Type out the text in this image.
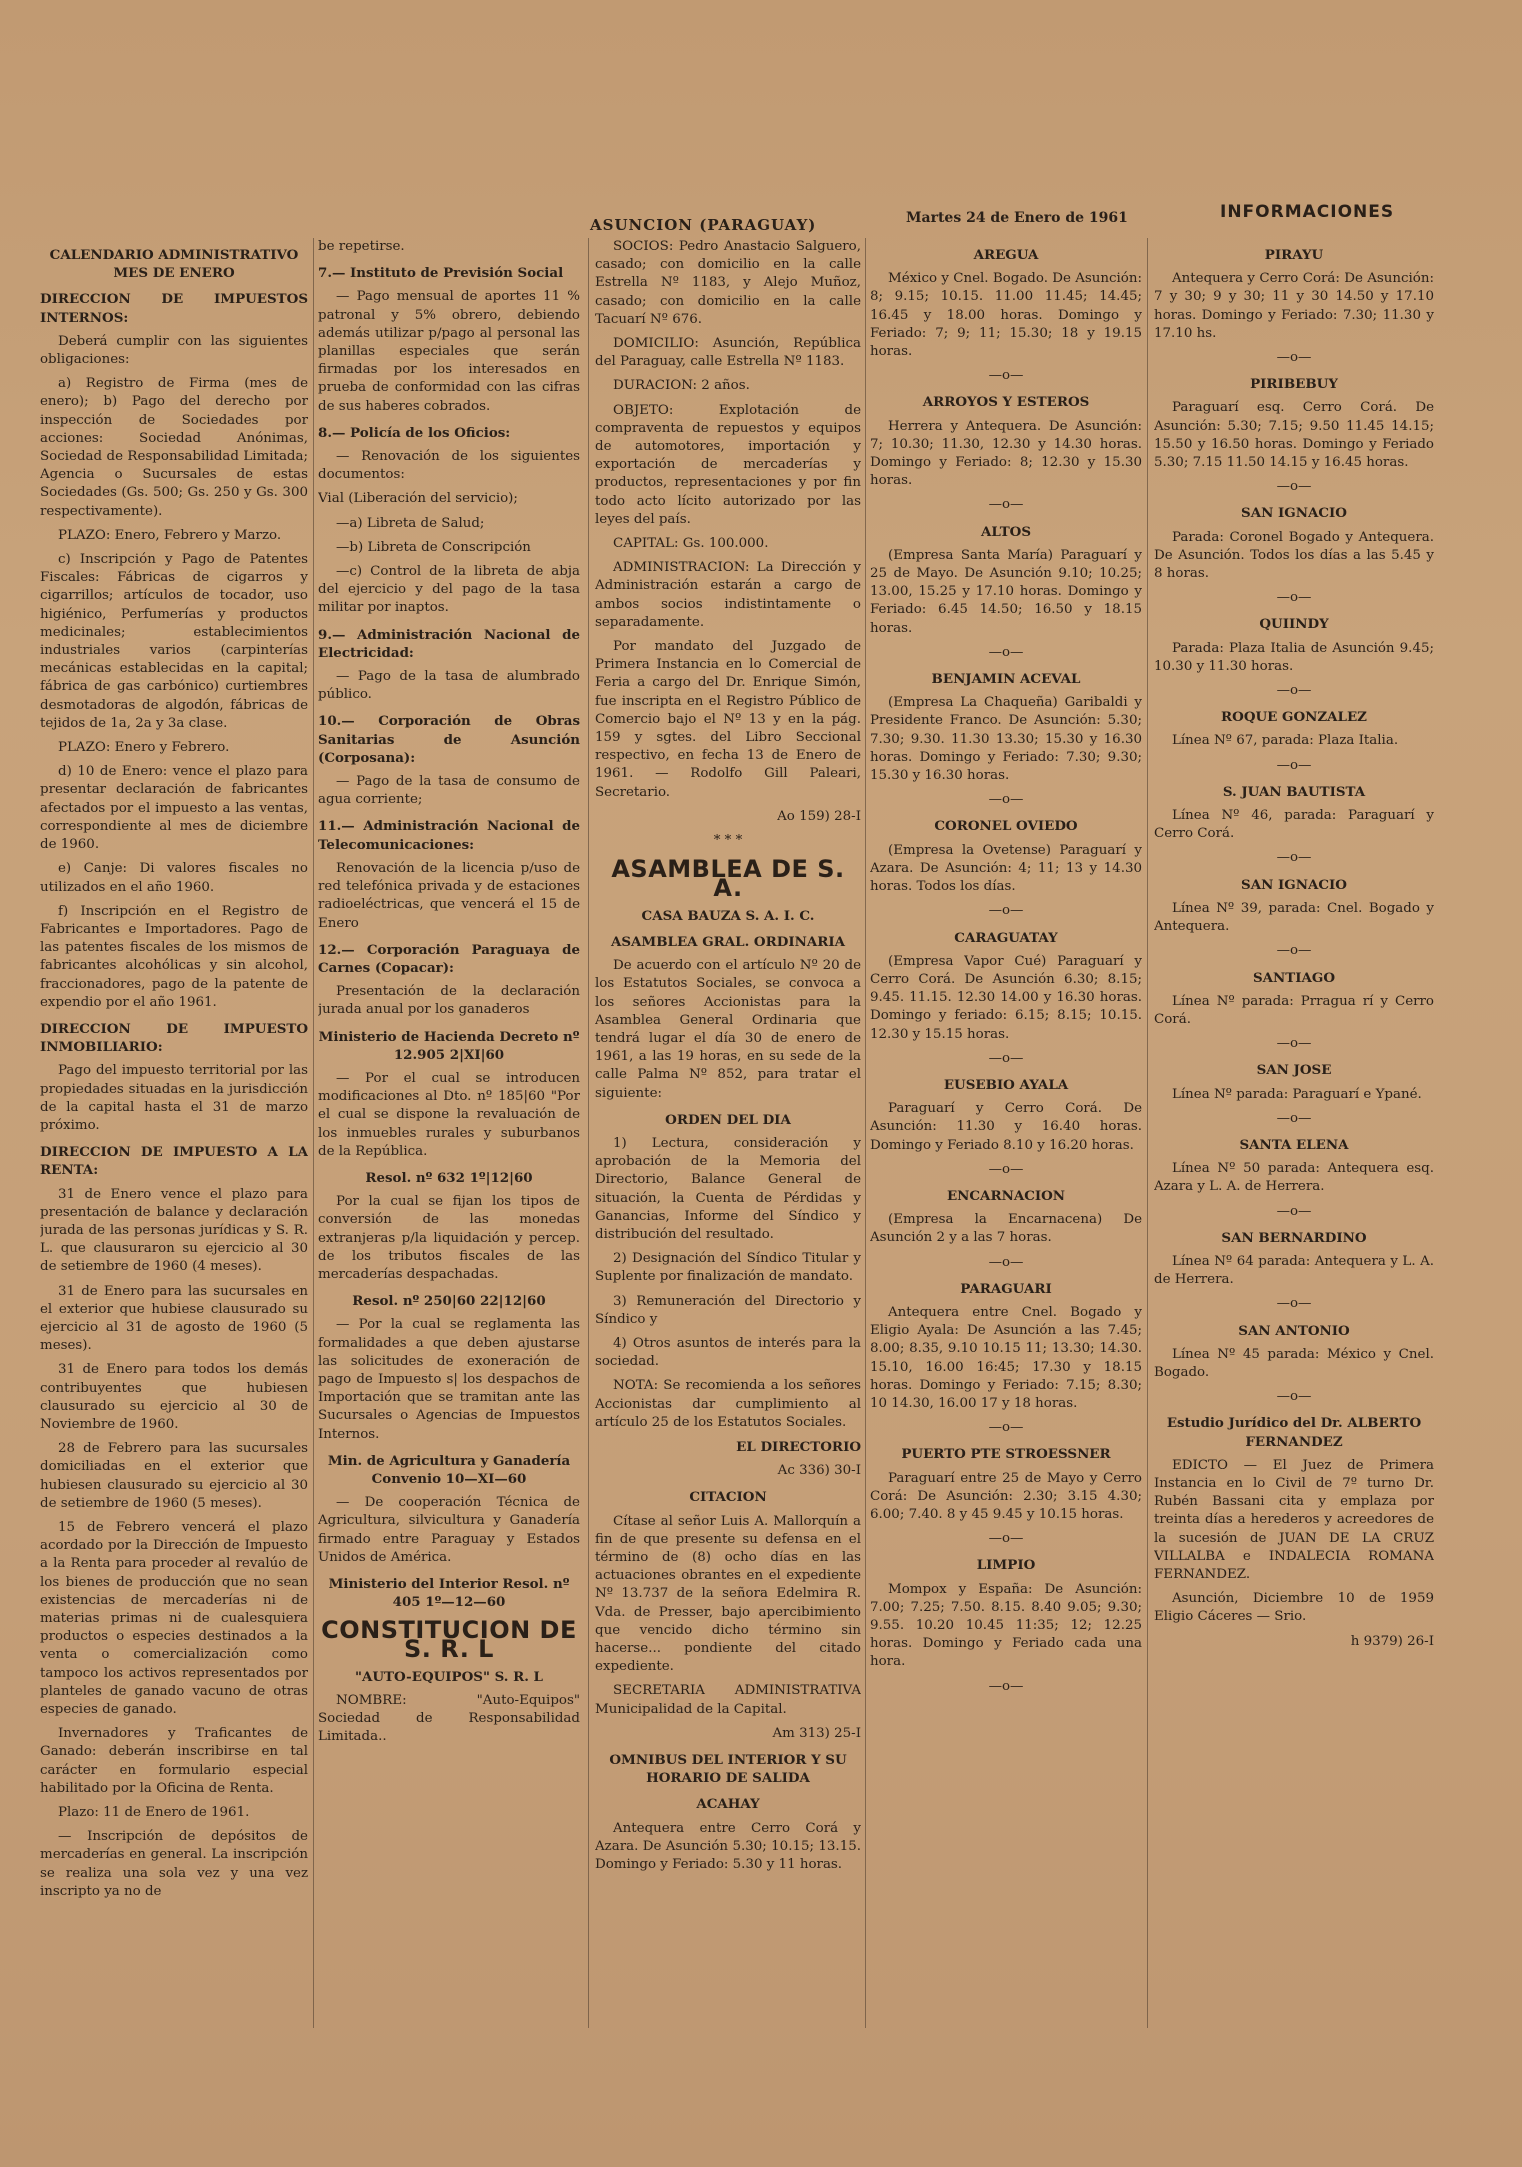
ASUNCION (PARAGUAY)	Martes 24 de Enero de 1961	INFORMACIONES

CALENDARIO ADMINISTRATIVO MES DE ENERO

DIRECCION DE IMPUESTOS INTERNOS:

Deberá cumplir con las siguientes obligaciones:

a) Registro de Firma (mes de enero); b) Pago del derecho por inspección de Sociedades por acciones: Sociedad Anónimas, Sociedad de Responsabilidad Limitada; Agencia o Sucursales de estas Sociedades (Gs. 500; Gs. 250 y Gs. 300 respectivamente).

PLAZO: Enero, Febrero y Marzo.

c) Inscripción y Pago de Patentes Fiscales: Fábricas de cigarros y cigarrillos; artículos de tocador, uso higiénico, Perfumerías y productos medicinales; establecimientos industriales varios (carpinterías mecánicas establecidas en la capital; fábrica de gas carbónico) curtiembres desmotadoras de algodón, fábricas de tejidos de 1a, 2a y 3a clase.

PLAZO: Enero y Febrero.

d) 10 de Enero: vence el plazo para presentar declaración de fabricantes afectados por el impuesto a las ventas, correspondiente al mes de diciembre de 1960.

e) Canje: Di valores fiscales no utilizados en el año 1960.

f) Inscripción en el Registro de Fabricantes e Importadores. Pago de las patentes fiscales de los mismos de fabricantes alcohólicas y sin alcohol, fraccionadores, pago de la patente de expendio por el año 1961.

DIRECCION DE IMPUESTO INMOBILIARIO:

Pago del impuesto territorial por las propiedades situadas en la jurisdicción de la capital hasta el 31 de marzo próximo.

DIRECCION DE IMPUESTO A LA RENTA:

31 de Enero vence el plazo para presentación de balance y declaración jurada de las personas jurídicas y S. R. L. que clausuraron su ejercicio al 30 de setiembre de 1960 (4 meses).

31 de Enero para las sucursales en el exterior que hubiese clausurado su ejercicio al 31 de agosto de 1960 (5 meses).

31 de Enero para todos los demás contribuyentes que hubiesen clausurado su ejercicio al 30 de Noviembre de 1960.

28 de Febrero para las sucursales domiciliadas en el exterior que hubiesen clausurado su ejercicio al 30 de setiembre de 1960 (5 meses).

15 de Febrero vencerá el plazo acordado por la Dirección de Impuesto a la Renta para proceder al revalúo de los bienes de producción que no sean existencias de mercaderías ni de materias primas ni de cualesquiera productos o especies destinados a la venta o comercialización como tampoco los activos representados por planteles de ganado vacuno de otras especies de ganado.

Invernadores y Traficantes de Ganado: deberán inscribirse en tal carácter en formulario especial habilitado por la Oficina de Renta.

Plazo: 11 de Enero de 1961.

— Inscripción de depósitos de mercaderías en general. La inscripción se realiza una sola vez y una vez inscripto ya no de

be repetirse.

7.— Instituto de Previsión Social

— Pago mensual de aportes 11 % patronal y 5% obrero, debiendo además utilizar p/pago al personal las planillas especiales que serán firmadas por los interesados en prueba de conformidad con las cifras de sus haberes cobrados.

8.— Policía de los Oficios:

— Renovación de los siguientes documentos:

Vial (Liberación del servicio);

—a) Libreta de Salud;

—b) Libreta de Conscripción

—c) Control de la libreta de abja del ejercicio y del pago de la tasa militar por inaptos.

9.— Administración Nacional de Electricidad:

— Pago de la tasa de alumbrado público.

10.— Corporación de Obras Sanitarias de Asunción (Corposana):

— Pago de la tasa de consumo de agua corriente;

11.— Administración Nacional de Telecomunicaciones:

Renovación de la licencia p/uso de red telefónica privada y de estaciones radioeléctricas, que vencerá el 15 de Enero

12.— Corporación Paraguaya de Carnes (Copacar):

Presentación de la declaración jurada anual por los ganaderos

Ministerio de Hacienda Decreto nº 12.905 2|XI|60

— Por el cual se introducen modificaciones al Dto. nº 185|60 "Por el cual se dispone la revaluación de los inmuebles rurales y suburbanos de la República.

Resol. nº 632 1º|12|60

Por la cual se fijan los tipos de conversión de las monedas extranjeras p/la liquidación y percep. de los tributos fiscales de las mercaderías despachadas.

Resol. nº 250|60 22|12|60

— Por la cual se reglamenta las formalidades a que deben ajustarse las solicitudes de exoneración de pago de Impuesto s| los despachos de Importación que se tramitan ante las Sucursales o Agencias de Impuestos Internos.

Min. de Agricultura y Ganadería Convenio 10—XI—60

— De cooperación Técnica de Agricultura, silvicultura y Ganadería firmado entre Paraguay y Estados Unidos de América.

Ministerio del Interior Resol. nº 405 1º—12—60

CONSTITUCION DE S. R. L

"AUTO-EQUIPOS" S. R. L

NOMBRE: "Auto-Equipos" Sociedad de Responsabilidad Limitada..

SOCIOS: Pedro Anastacio Salguero, casado; con domicilio en la calle Estrella Nº 1183, y Alejo Muñoz, casado; con domicilio en la calle Tacuarí Nº 676.

DOMICILIO: Asunción, República del Paraguay, calle Estrella Nº 1183.

DURACION: 2 años.

OBJETO: Explotación de compraventa de repuestos y equipos de automotores, importación y exportación de mercaderías y productos, representaciones y por fin todo acto lícito autorizado por las leyes del país.

CAPITAL: Gs. 100.000.

ADMINISTRACION: La Dirección y Administración estarán a cargo de ambos socios indistintamente o separadamente.

Por mandato del Juzgado de Primera Instancia en lo Comercial de Feria a cargo del Dr. Enrique Simón, fue inscripta en el Registro Público de Comercio bajo el Nº 13 y en la pág. 159 y sgtes. del Libro Seccional respectivo, en fecha 13 de Enero de 1961. — Rodolfo Gill Paleari, Secretario.

Ao 159) 28-I

* * *

ASAMBLEA DE S. A.

CASA BAUZA S. A. I. C.

ASAMBLEA GRAL. ORDINARIA

De acuerdo con el artículo Nº 20 de los Estatutos Sociales, se convoca a los señores Accionistas para la Asamblea General Ordinaria que tendrá lugar el día 30 de enero de 1961, a las 19 horas, en su sede de la calle Palma Nº 852, para tratar el siguiente:

ORDEN DEL DIA

1) Lectura, consideración y aprobación de la Memoria del Directorio, Balance General de situación, la Cuenta de Pérdidas y Ganancias, Informe del Síndico y distribución del resultado.

2) Designación del Síndico Titular y Suplente por finalización de mandato.

3) Remuneración del Directorio y Síndico y

4) Otros asuntos de interés para la sociedad.

NOTA: Se recomienda a los señores Accionistas dar cumplimiento al artículo 25 de los Estatutos Sociales.

EL DIRECTORIO

Ac 336) 30-I

CITACION

Cítase al señor Luis A. Mallorquín a fin de que presente su defensa en el término de (8) ocho días en las actuaciones obrantes en el expediente Nº 13.737 de la señora Edelmira R. Vda. de Presser, bajo apercibimiento que vencido dicho término sin hacerse... pondiente del citado expediente.

SECRETARIA ADMINISTRATIVA Municipalidad de la Capital.

Am 313) 25-I

OMNIBUS DEL INTERIOR Y SU HORARIO DE SALIDA

ACAHAY

Antequera entre Cerro Corá y Azara. De Asunción 5.30; 10.15; 13.15. Domingo y Feriado: 5.30 y 11 horas.

AREGUA

México y Cnel. Bogado. De Asunción: 8; 9.15; 10.15. 11.00 11.45; 14.45; 16.45 y 18.00 horas. Domingo y Feriado: 7; 9; 11; 15.30; 18 y 19.15 horas.

—o—

ARROYOS Y ESTEROS

Herrera y Antequera. De Asunción: 7; 10.30; 11.30, 12.30 y 14.30 horas. Domingo y Feriado: 8; 12.30 y 15.30 horas.

—o—

ALTOS

(Empresa Santa María) Paraguarí y 25 de Mayo. De Asunción 9.10; 10.25; 13.00, 15.25 y 17.10 horas. Domingo y Feriado: 6.45 14.50; 16.50 y 18.15 horas.

—o—

BENJAMIN ACEVAL

(Empresa La Chaqueña) Garibaldi y Presidente Franco. De Asunción: 5.30; 7.30; 9.30. 11.30 13.30; 15.30 y 16.30 horas. Domingo y Feriado: 7.30; 9.30; 15.30 y 16.30 horas.

—o—

CORONEL OVIEDO

(Empresa la Ovetense) Paraguarí y Azara. De Asunción: 4; 11; 13 y 14.30 horas. Todos los días.

—o—

CARAGUATAY

(Empresa Vapor Cué) Paraguarí y Cerro Corá. De Asunción 6.30; 8.15; 9.45. 11.15. 12.30 14.00 y 16.30 horas. Domingo y feriado: 6.15; 8.15; 10.15. 12.30 y 15.15 horas.

—o—

EUSEBIO AYALA

Paraguarí y Cerro Corá. De Asunción: 11.30 y 16.40 horas. Domingo y Feriado 8.10 y 16.20 horas.

—o—

ENCARNACION

(Empresa la Encarnacena) De Asunción 2 y a las 7 horas.

—o—

PARAGUARI

Antequera entre Cnel. Bogado y Eligio Ayala: De Asunción a las 7.45; 8.00; 8.35, 9.10 10.15 11; 13.30; 14.30. 15.10, 16.00 16:45; 17.30 y 18.15 horas. Domingo y Feriado: 7.15; 8.30; 10 14.30, 16.00 17 y 18 horas.

—o—

PUERTO PTE STROESSNER

Paraguarí entre 25 de Mayo y Cerro Corá: De Asunción: 2.30; 3.15 4.30; 6.00; 7.40. 8 y 45 9.45 y 10.15 horas.

—o—

LIMPIO

Mompox y España: De Asunción: 7.00; 7.25; 7.50. 8.15. 8.40 9.05; 9.30; 9.55. 10.20 10.45 11:35; 12; 12.25 horas. Domingo y Feriado cada una hora.

—o—

PIRAYU

Antequera y Cerro Corá: De Asunción: 7 y 30; 9 y 30; 11 y 30 14.50 y 17.10 horas. Domingo y Feriado: 7.30; 11.30 y 17.10 hs.

—o—

PIRIBEBUY

Paraguarí esq. Cerro Corá. De Asunción: 5.30; 7.15; 9.50 11.45 14.15; 15.50 y 16.50 horas. Domingo y Feriado 5.30; 7.15 11.50 14.15 y 16.45 horas.

—o—

SAN IGNACIO

Parada: Coronel Bogado y Antequera. De Asunción. Todos los días a las 5.45 y 8 horas.

—o—

QUIINDY

Parada: Plaza Italia de Asunción 9.45; 10.30 y 11.30 horas.

—o—

ROQUE GONZALEZ

Línea Nº 67, parada: Plaza Italia.

—o—

S. JUAN BAUTISTA

Línea Nº 46, parada: Paraguarí y Cerro Corá.

—o—

SAN IGNACIO

Línea Nº 39, parada: Cnel. Bogado y Antequera.

—o—

SANTIAGO

Línea Nº parada: Prragua rí y Cerro Corá.

—o—

SAN JOSE

Línea Nº parada: Paraguarí e Ypané.

—o—

SANTA ELENA

Línea Nº 50 parada: Antequera esq. Azara y L. A. de Herrera.

—o—

SAN BERNARDINO

Línea Nº 64 parada: Antequera y L. A. de Herrera.

—o—

SAN ANTONIO

Línea Nº 45 parada: México y Cnel. Bogado.

—o—

Estudio Jurídico del Dr. ALBERTO FERNANDEZ

EDICTO — El Juez de Primera Instancia en lo Civil de 7º turno Dr. Rubén Bassani cita y emplaza por treinta días a herederos y acreedores de la sucesión de JUAN DE LA CRUZ VILLALBA e INDALECIA ROMANA FERNANDEZ.

Asunción, Diciembre 10 de 1959 Eligio Cáceres — Srio.

h 9379) 26-I
